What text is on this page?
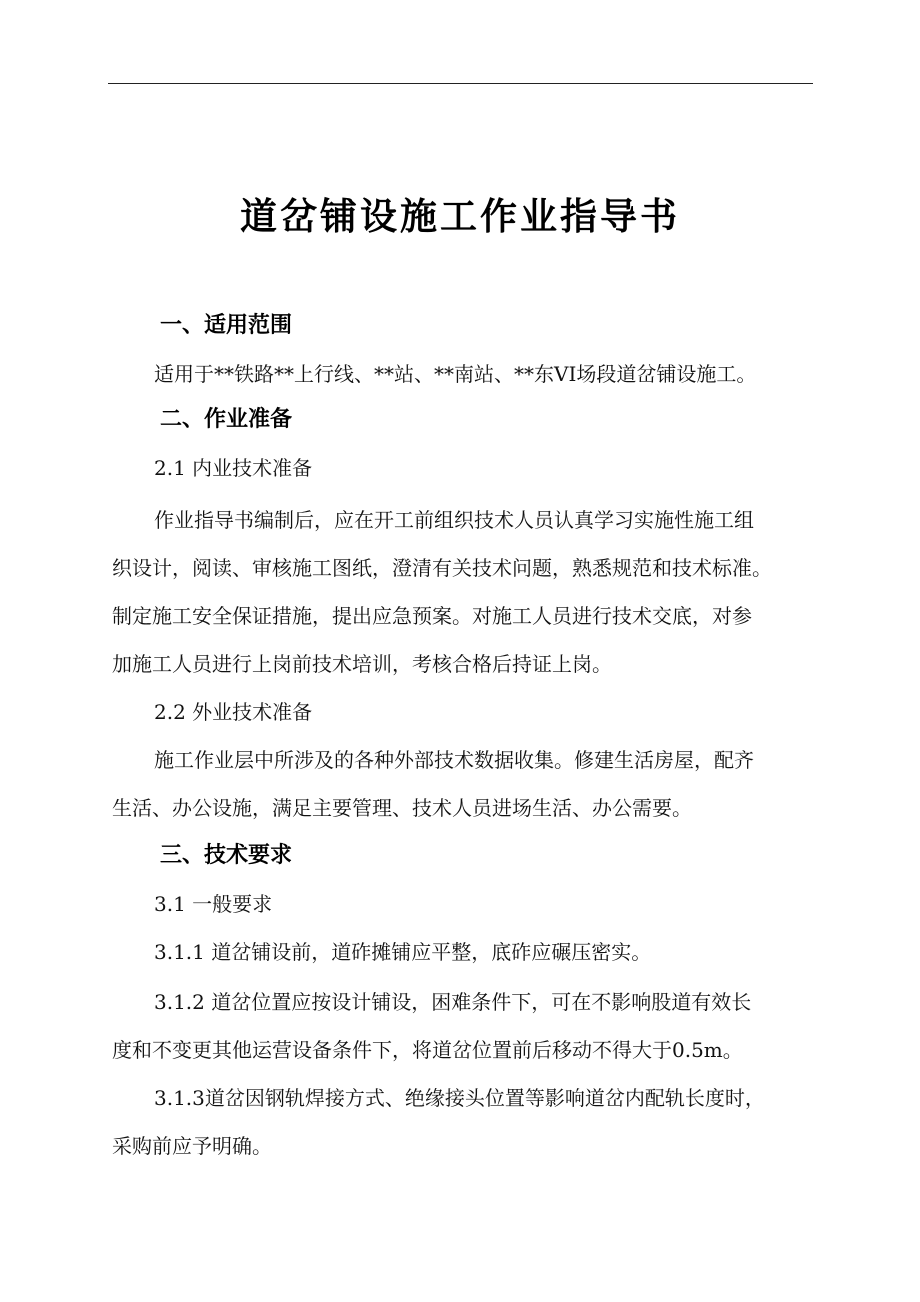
道岔铺设施工作业指导书
一、适用范围

适用于**铁路**上行线、**站、**南站、**东VI场段道岔铺设施工。

二、作业准备

2.1 内业技术准备

作业指导书编制后，应在开工前组织技术人员认真学习实施性施工组

织设计，阅读、审核施工图纸，澄清有关技术问题，熟悉规范和技术标准。

制定施工安全保证措施，提出应急预案。对施工人员进行技术交底，对参

加施工人员进行上岗前技术培训，考核合格后持证上岗。

2.2 外业技术准备

施工作业层中所涉及的各种外部技术数据收集。修建生活房屋，配齐

生活、办公设施，满足主要管理、技术人员进场生活、办公需要。

三、技术要求

3.1 一般要求

3.1.1 道岔铺设前，道砟摊铺应平整，底砟应碾压密实。

3.1.2 道岔位置应按设计铺设，困难条件下，可在不影响股道有效长

度和不变更其他运营设备条件下，将道岔位置前后移动不得大于0.5m。

3.1.3道岔因钢轨焊接方式、绝缘接头位置等影响道岔内配轨长度时，

采购前应予明确。
